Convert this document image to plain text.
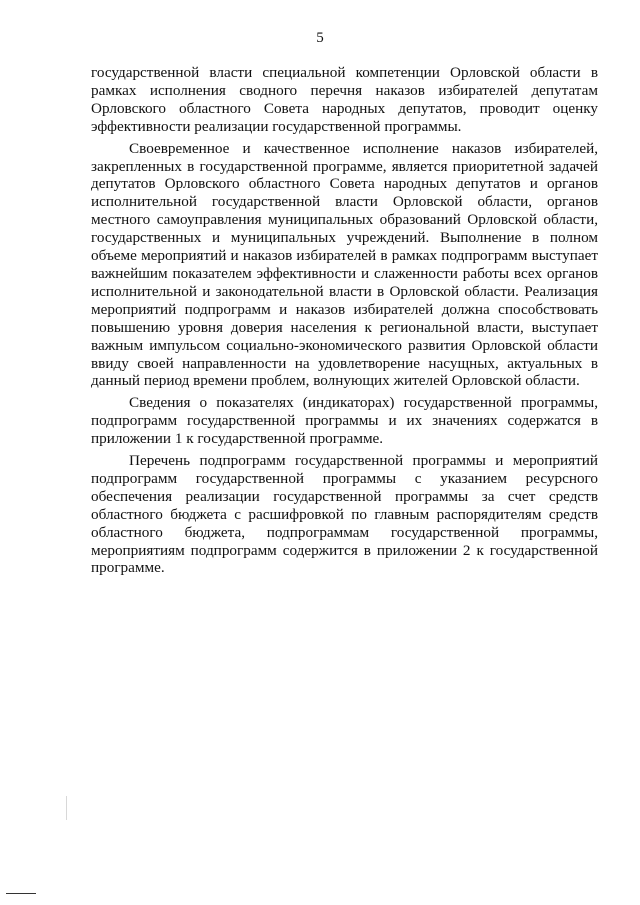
5

государственной власти специальной компетенции Орловской области в рамках исполнения сводного перечня наказов избирателей депутатам Орловского областного Совета народных депутатов, проводит оценку эффективности реализации государственной программы.

Своевременное и качественное исполнение наказов избирателей, закрепленных в государственной программе, является приоритетной задачей депутатов Орловского областного Совета народных депутатов и органов исполнительной государственной власти Орловской области, органов местного самоуправления муниципальных образований Орловской области, государственных и муниципальных учреждений. Выполнение в полном объеме мероприятий и наказов избирателей в рамках подпрограмм выступает важнейшим показателем эффективности и слаженности работы всех органов исполнительной и законодательной власти в Орловской области. Реализация мероприятий подпрограмм и наказов избирателей должна способствовать повышению уровня доверия населения к региональной власти, выступает важным импульсом социально-экономического развития Орловской области ввиду своей направленности на удовлетворение насущных, актуальных в данный период времени проблем, волнующих жителей Орловской области.

Сведения о показателях (индикаторах) государственной программы, подпрограмм государственной программы и их значениях содержатся в приложении 1 к государственной программе.

Перечень подпрограмм государственной программы и мероприятий подпрограмм государственной программы с указанием ресурсного обеспечения реализации государственной программы за счет средств областного бюджета с расшифровкой по главным распорядителям средств областного бюджета, подпрограммам государственной программы, мероприятиям подпрограмм содержится в приложении 2 к государственной программе.
